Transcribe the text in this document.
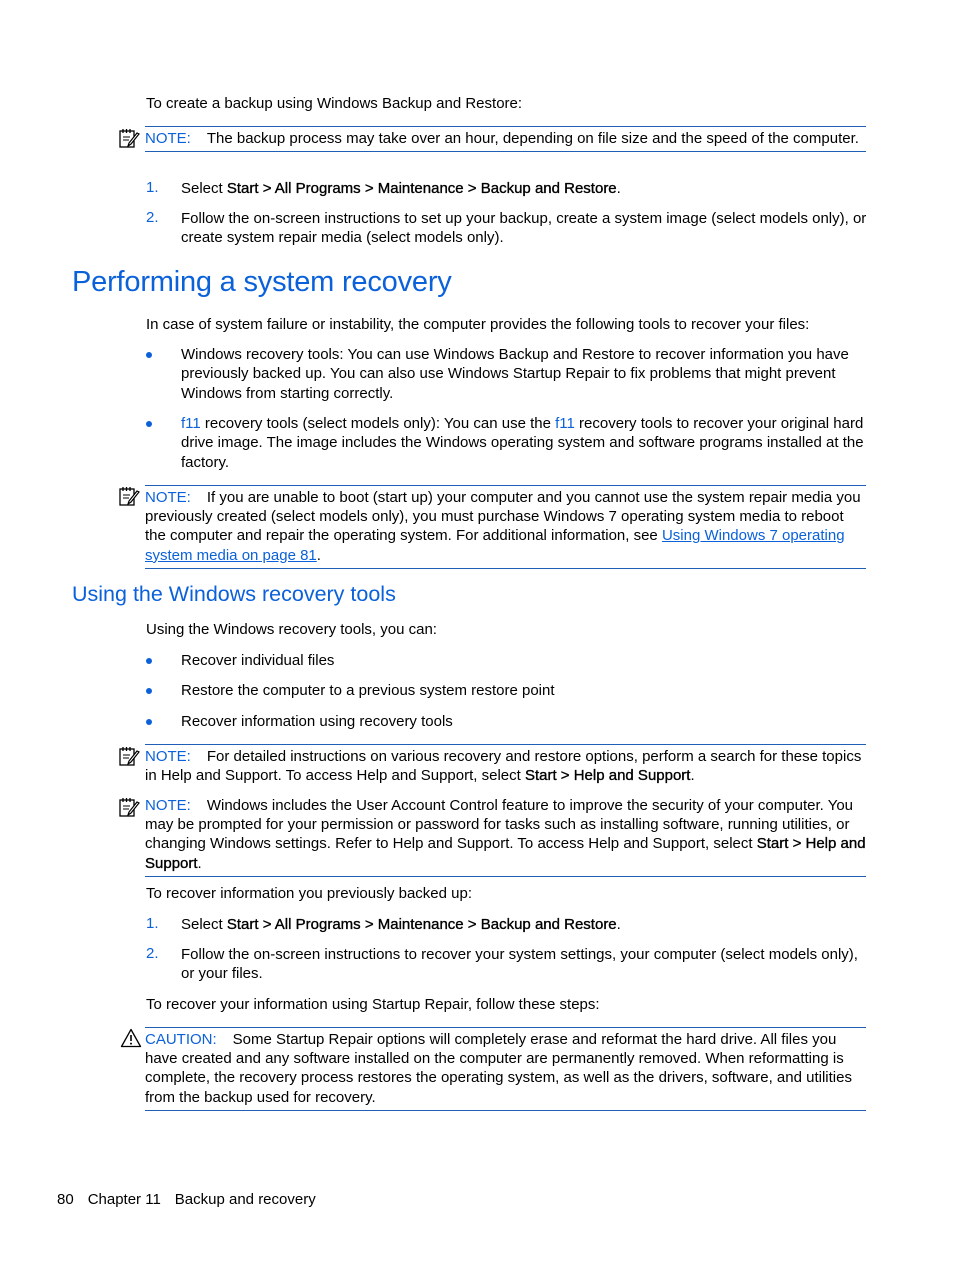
To create a backup using Windows Backup and Restore:

NOTE: The backup process may take over an hour, depending on file size and the speed of the computer.
1. Select Start > All Programs > Maintenance > Backup and Restore.
2. Follow the on-screen instructions to set up your backup, create a system image (select models only), or create system repair media (select models only).
Performing a system recovery

In case of system failure or instability, the computer provides the following tools to recover your files:

Windows recovery tools: You can use Windows Backup and Restore to recover information you have previously backed up. You can also use Windows Startup Repair to fix problems that might prevent Windows from starting correctly.
f11 recovery tools (select models only): You can use the f11 recovery tools to recover your original hard drive image. The image includes the Windows operating system and software programs installed at the factory.
NOTE: If you are unable to boot (start up) your computer and you cannot use the system repair media you previously created (select models only), you must purchase Windows 7 operating system media to reboot the computer and repair the operating system. For additional information, see Using Windows 7 operating system media on page 81.
Using the Windows recovery tools

Using the Windows recovery tools, you can:

Recover individual files
Restore the computer to a previous system restore point
Recover information using recovery tools
NOTE: For detailed instructions on various recovery and restore options, perform a search for these topics in Help and Support. To access Help and Support, select Start > Help and Support.
NOTE: Windows includes the User Account Control feature to improve the security of your computer. You may be prompted for your permission or password for tasks such as installing software, running utilities, or changing Windows settings. Refer to Help and Support. To access Help and Support, select Start > Help and Support.

To recover information you previously backed up:

1. Select Start > All Programs > Maintenance > Backup and Restore.
2. Follow the on-screen instructions to recover your system settings, your computer (select models only), or your files.

To recover your information using Startup Repair, follow these steps:

CAUTION: Some Startup Repair options will completely erase and reformat the hard drive. All files you have created and any software installed on the computer are permanently removed. When reformatting is complete, the recovery process restores the operating system, as well as the drivers, software, and utilities from the backup used for recovery.
80 Chapter 11 Backup and recovery
